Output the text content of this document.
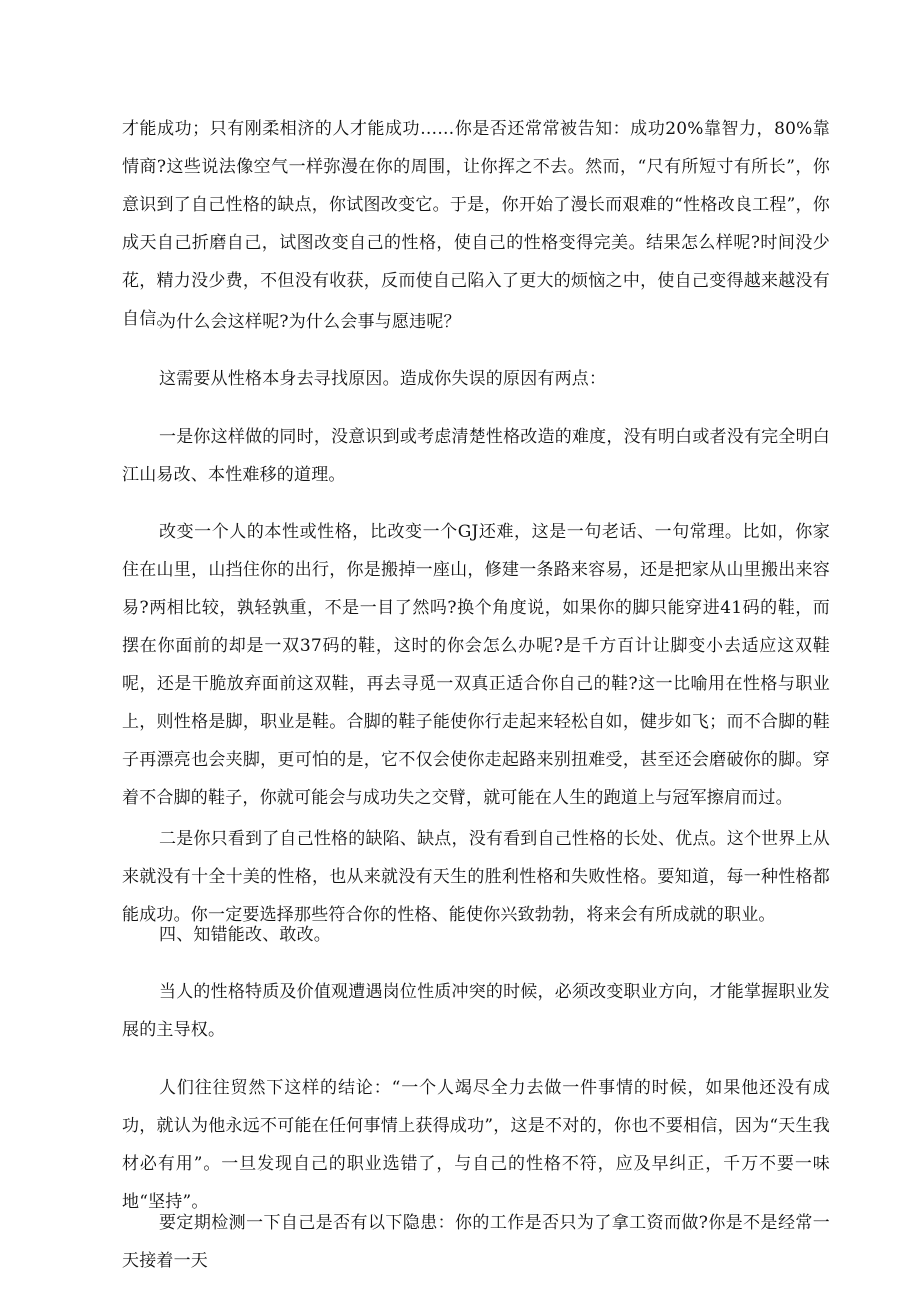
才能成功；只有刚柔相济的人才能成功……你是否还常常被告知：成功20%靠智力，80%靠情商?这些说法像空气一样弥漫在你的周围，让你挥之不去。然而，“尺有所短寸有所长”，你意识到了自己性格的缺点，你试图改变它。于是，你开始了漫长而艰难的“性格改良工程”，你成天自己折磨自己，试图改变自己的性格，使自己的性格变得完美。结果怎么样呢?时间没少花，精力没少费，不但没有收获，反而使自己陷入了更大的烦恼之中，使自己变得越来越没有自信。

为什么会这样呢?为什么会事与愿违呢？

这需要从性格本身去寻找原因。造成你失误的原因有两点：

一是你这样做的同时，没意识到或考虑清楚性格改造的难度，没有明白或者没有完全明白江山易改、本性难移的道理。

改变一个人的本性或性格，比改变一个GJ还难，这是一句老话、一句常理。比如，你家住在山里，山挡住你的出行，你是搬掉一座山，修建一条路来容易，还是把家从山里搬出来容易?两相比较，孰轻孰重，不是一目了然吗?换个角度说，如果你的脚只能穿进41码的鞋，而摆在你面前的却是一双37码的鞋，这时的你会怎么办呢?是千方百计让脚变小去适应这双鞋呢，还是干脆放弃面前这双鞋，再去寻觅一双真正适合你自己的鞋?这一比喻用在性格与职业上，则性格是脚，职业是鞋。合脚的鞋子能使你行走起来轻松自如，健步如飞；而不合脚的鞋子再漂亮也会夹脚，更可怕的是，它不仅会使你走起路来别扭难受，甚至还会磨破你的脚。穿着不合脚的鞋子，你就可能会与成功失之交臂，就可能在人生的跑道上与冠军擦肩而过。

二是你只看到了自己性格的缺陷、缺点，没有看到自己性格的长处、优点。这个世界上从来就没有十全十美的性格，也从来就没有天生的胜利性格和失败性格。要知道，每一种性格都能成功。你一定要选择那些符合你的性格、能使你兴致勃勃，将来会有所成就的职业。

四、知错能改、敢改。

当人的性格特质及价值观遭遇岗位性质冲突的时候，必须改变职业方向，才能掌握职业发展的主导权。

人们往往贸然下这样的结论：“一个人竭尽全力去做一件事情的时候，如果他还没有成功，就认为他永远不可能在任何事情上获得成功”，这是不对的，你也不要相信，因为“天生我材必有用”。一旦发现自己的职业选错了，与自己的性格不符，应及早纠正，千万不要一味地“坚持”。

要定期检测一下自己是否有以下隐患：你的工作是否只为了拿工资而做?你是不是经常一天接着一天
